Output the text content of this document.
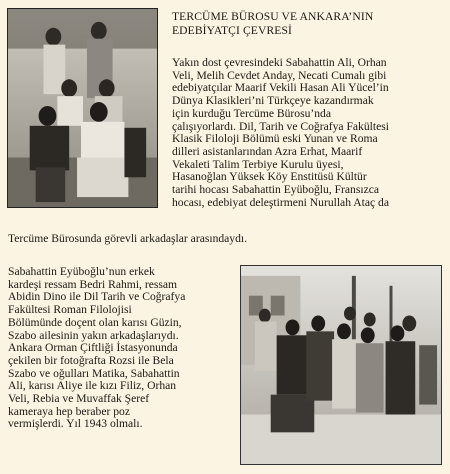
TERCÜME BÜROSU VE ANKARA’NIN
EDEBİYATÇI ÇEVRESİ
Yakın dost çevresindeki Sabahattin Ali, Orhan
Veli, Melih Cevdet Anday, Necati Cumalı gibi
edebiyatçılar Maarif Vekili Hasan Ali Yücel’in
Dünya Klasikleri’ni Türkçeye kazandırmak
için kurduğu Tercüme Bürosu’nda
çalışıyorlardı. Dil, Tarih ve Coğrafya Fakültesi
Klasik Filoloji Bölümü eski Yunan ve Roma
dilleri asistanlarından Azra Erhat, Maarif
Vekaleti Talim Terbiye Kurulu üyesi,
Hasanoğlan Yüksek Köy Enstitüsü Kültür
tarihi hocası Sabahattin Eyüboğlu, Fransızca
hocası, edebiyat deleştirmeni Nurullah Ataç da
Tercüme Bürosunda görevli arkadaşlar arasındaydı.
Sabahattin Eyüboğlu’nun erkek
kardeşi ressam Bedri Rahmi, ressam
Abidin Dino ile Dil Tarih ve Coğrafya
Fakültesi Roman Filolojisi
Bölümünde doçent olan karısı Güzin,
Szabo ailesinin yakın arkadaşlarıydı.
Ankara Orman Çiftliği İstasyonunda
çekilen bir fotoğrafta Rozsi ile Bela
Szabo ve oğulları Matika, Sabahattin
Ali, karısı Aliye ile kızı Filiz, Orhan
Veli, Rebia ve Muvaffak Şeref
kameraya hep beraber poz
vermişlerdi. Yıl 1943 olmalı.
